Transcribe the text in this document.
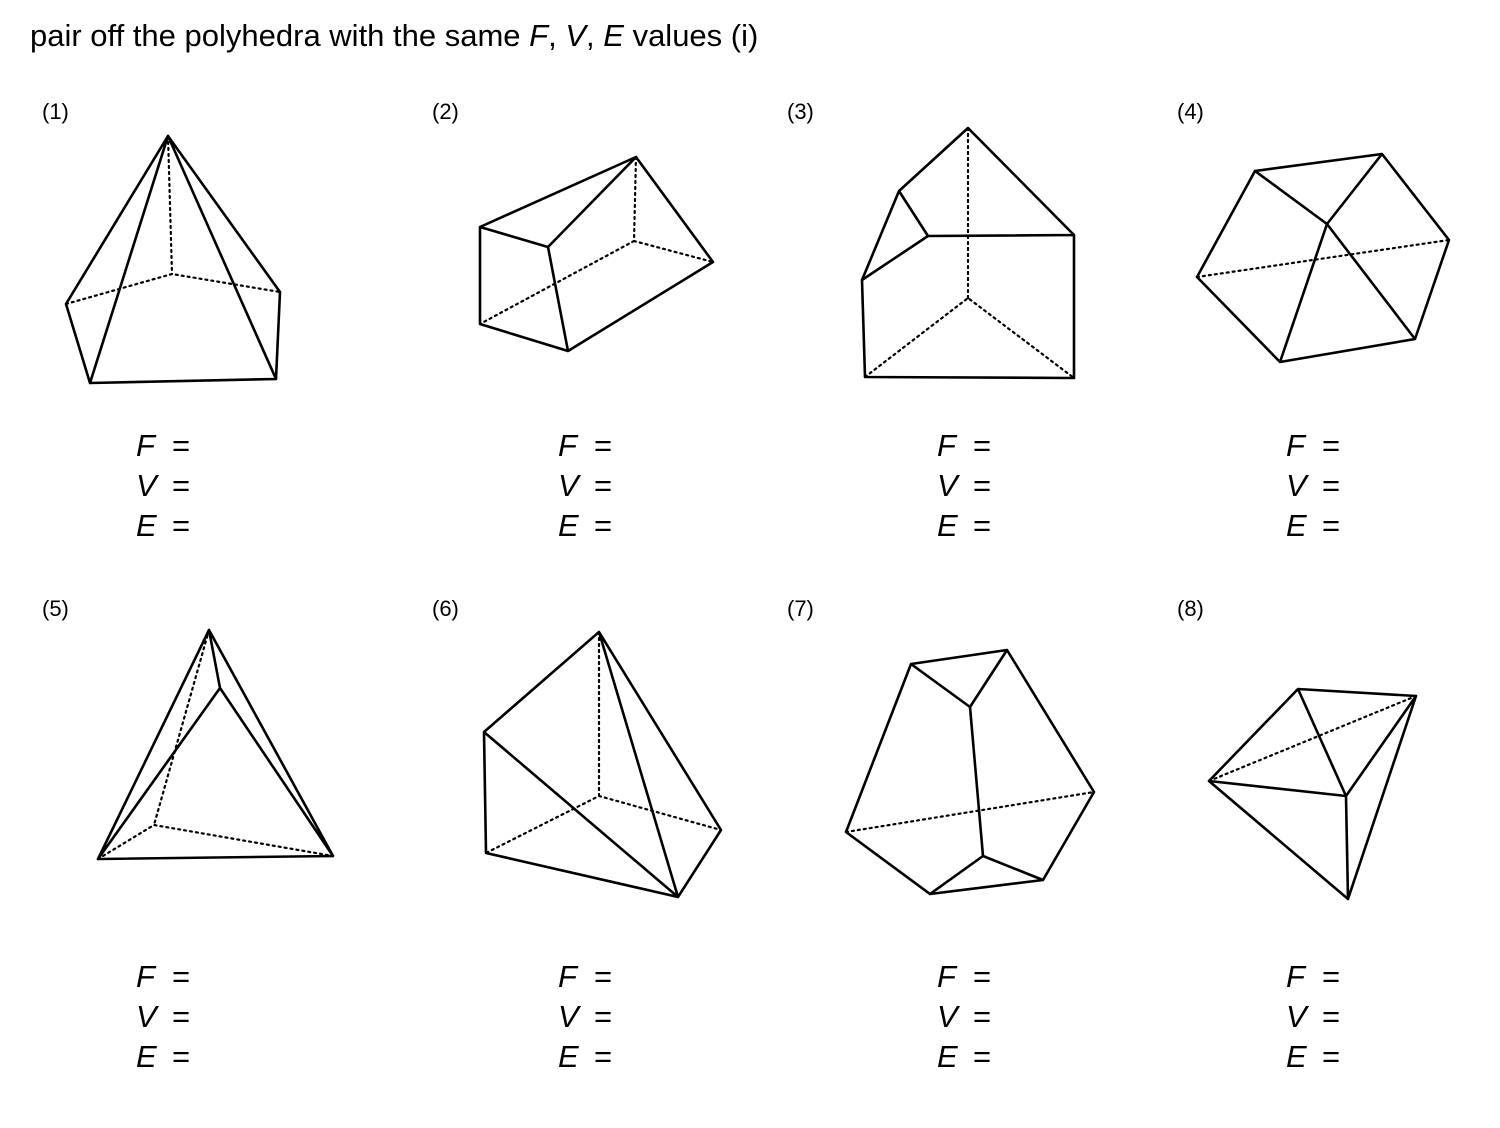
pair off the polyhedra with the same F, V, E values (i)
(1)	(2)	(3)	(4)
(5)	(6)	(7)	(8)
F =
V =
E =
F =
V =
E =
F =
V =
E =
F =
V =
E =
F =
V =
E =
F =
V =
E =
F =
V =
E =
F =
V =
E =
